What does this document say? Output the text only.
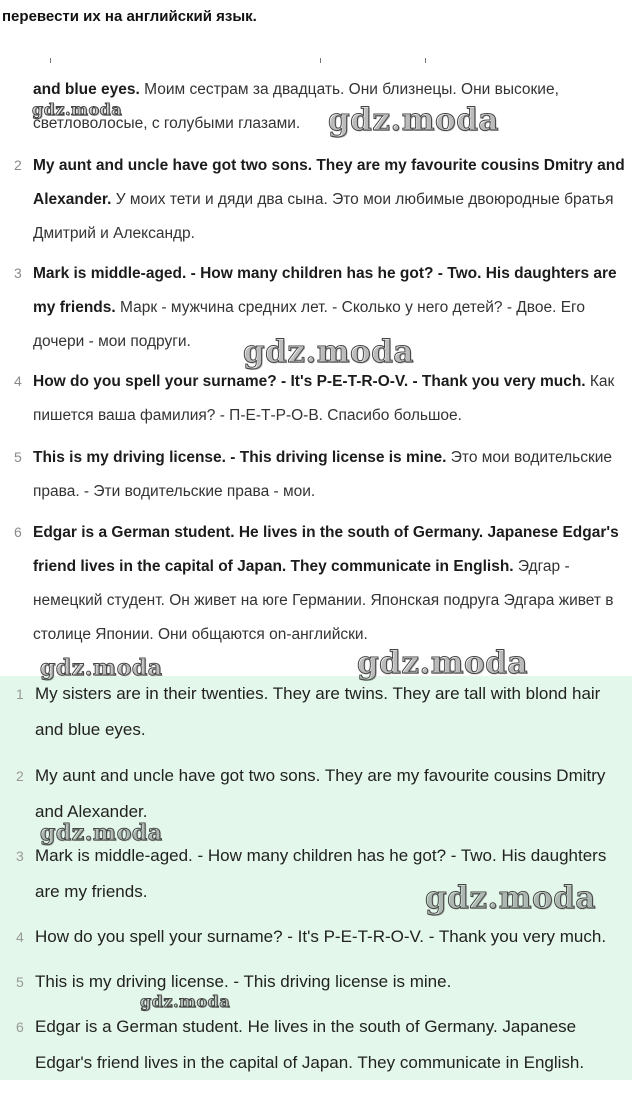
перевести их на английский язык.
and blue eyes. Моим сестрам за двадцать. Они близнецы. Они высокие, светловолосые, с голубыми глазами.
2 My aunt and uncle have got two sons. They are my favourite cousins Dmitry and Alexander. У моих тети и дяди два сына. Это мои любимые двоюродные братья Дмитрий и Александр.
3 Mark is middle-aged. - How many children has he got? - Two. His daughters are my friends. Марк - мужчина средних лет. - Сколько у него детей? - Двое. Его дочери - мои подруги.
4 How do you spell your surname? - It's P-E-T-R-O-V. - Thank you very much. Как пишется ваша фамилия? - П-Е-Т-Р-О-В. Спасибо большое.
5 This is my driving license. - This driving license is mine. Это мои водительские права. - Эти водительские права - мои.
6 Edgar is a German student. He lives in the south of Germany. Japanese Edgar's friend lives in the capital of Japan. They communicate in English. Эдгар - немецкий студент. Он живет на юге Германии. Японская подруга Эдгара живет в столице Японии. Они общаются on-английски.
1 My sisters are in their twenties. They are twins. They are tall with blond hair and blue eyes.
2 My aunt and uncle have got two sons. They are my favourite cousins Dmitry and Alexander.
3 Mark is middle-aged. - How many children has he got? - Two. His daughters are my friends.
4 How do you spell your surname? - It's P-E-T-R-O-V. - Thank you very much.
5 This is my driving license. - This driving license is mine.
6 Edgar is a German student. He lives in the south of Germany. Japanese Edgar's friend lives in the capital of Japan. They communicate in English.
gdz.moda	gdz.moda
gdz.moda
gdz.moda	gdz.moda
gdz.moda
gdz.moda
gdz.moda
